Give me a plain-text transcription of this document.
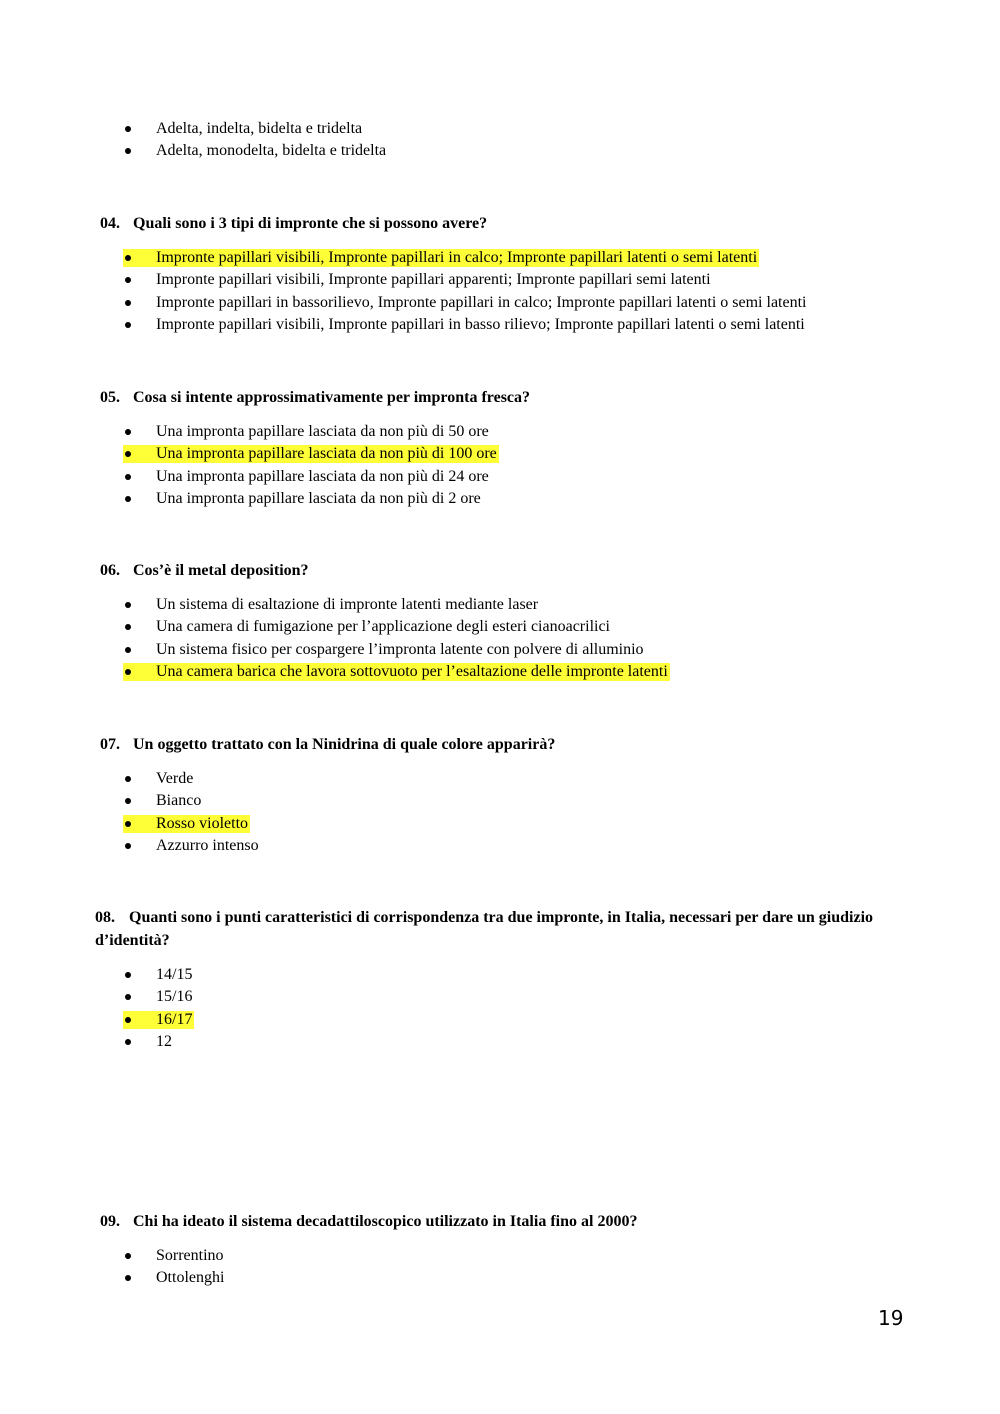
Adelta, indelta, bidelta e tridelta
Adelta, monodelta, bidelta e tridelta
04. Quali sono i 3 tipi di impronte che si possono avere?
Impronte papillari visibili, Impronte papillari in calco; Impronte papillari latenti o semi latenti
Impronte papillari visibili, Impronte papillari apparenti; Impronte papillari semi latenti
Impronte papillari in bassorilievo, Impronte papillari in calco; Impronte papillari latenti o semi latenti
Impronte papillari visibili, Impronte papillari in basso rilievo; Impronte papillari latenti o semi latenti
05. Cosa si intente approssimativamente per impronta fresca?
Una impronta papillare lasciata da non più di 50 ore
Una impronta papillare lasciata da non più di 100 ore
Una impronta papillare lasciata da non più di 24 ore
Una impronta papillare lasciata da non più di 2 ore
06. Cos’è il metal deposition?
Un sistema di esaltazione di impronte latenti mediante laser
Una camera di fumigazione per l’applicazione degli esteri cianoacrilici
Un sistema fisico per cospargere l’impronta latente con polvere di alluminio
Una camera barica che lavora sottovuoto per l’esaltazione delle impronte latenti
07. Un oggetto trattato con la Ninidrina di quale colore apparirà?
Verde
Bianco
Rosso violetto
Azzurro intenso
08. Quanti sono i punti caratteristici di corrispondenza tra due impronte, in Italia, necessari per dare un giudizio d’identità?
14/15
15/16
16/17
12
09. Chi ha ideato il sistema decadattiloscopico utilizzato in Italia fino al 2000?
Sorrentino
Ottolenghi
19
